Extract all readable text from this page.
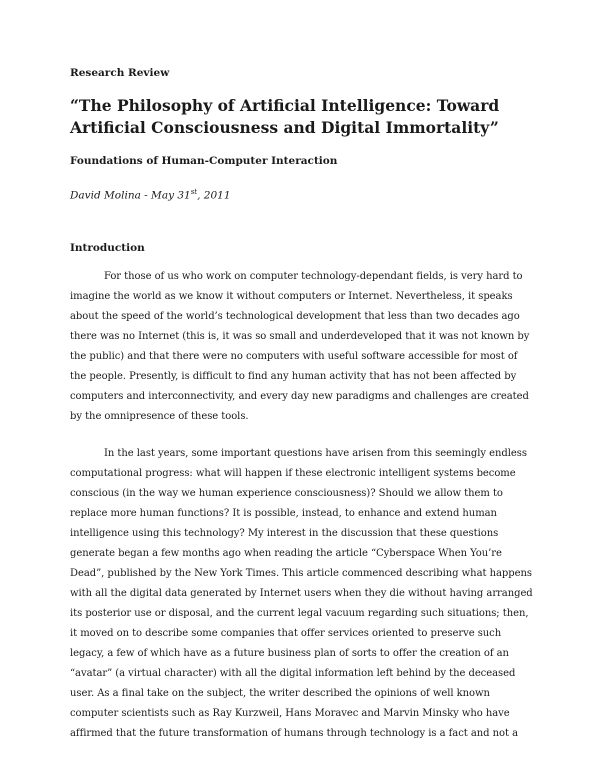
Research Review
“The Philosophy of Artificial Intelligence: Toward Artificial Consciousness and Digital Immortality”
Foundations of Human-Computer Interaction
David Molina - May 31st, 2011
Introduction

For those of us who work on computer technology-dependant fields, is very hard to imagine the world as we know it without computers or Internet. Nevertheless, it speaks about the speed of the world’s technological development that less than two decades ago there was no Internet (this is, it was so small and underdeveloped that it was not known by the public) and that there were no computers with useful software accessible for most of the people. Presently, is difficult to find any human activity that has not been affected by computers and interconnectivity, and every day new paradigms and challenges are created by the omnipresence of these tools.

In the last years, some important questions have arisen from this seemingly endless computational progress: what will happen if these electronic intelligent systems become conscious (in the way we human experience consciousness)? Should we allow them to replace more human functions? It is possible, instead, to enhance and extend human intelligence using this technology? My interest in the discussion that these questions generate began a few months ago when reading the article “Cyberspace When You’re Dead”, published by the New York Times. This article commenced describing what happens with all the digital data generated by Internet users when they die without having arranged its posterior use or disposal, and the current legal vacuum regarding such situations; then, it moved on to describe some companies that offer services oriented to preserve such legacy, a few of which have as a future business plan of sorts to offer the creation of an “avatar” (a virtual character) with all the digital information left behind by the deceased user. As a final take on the subject, the writer described the opinions of well known computer scientists such as Ray Kurzweil, Hans Moravec and Marvin Minsky who have affirmed that the future transformation of humans through technology is a fact and not a
